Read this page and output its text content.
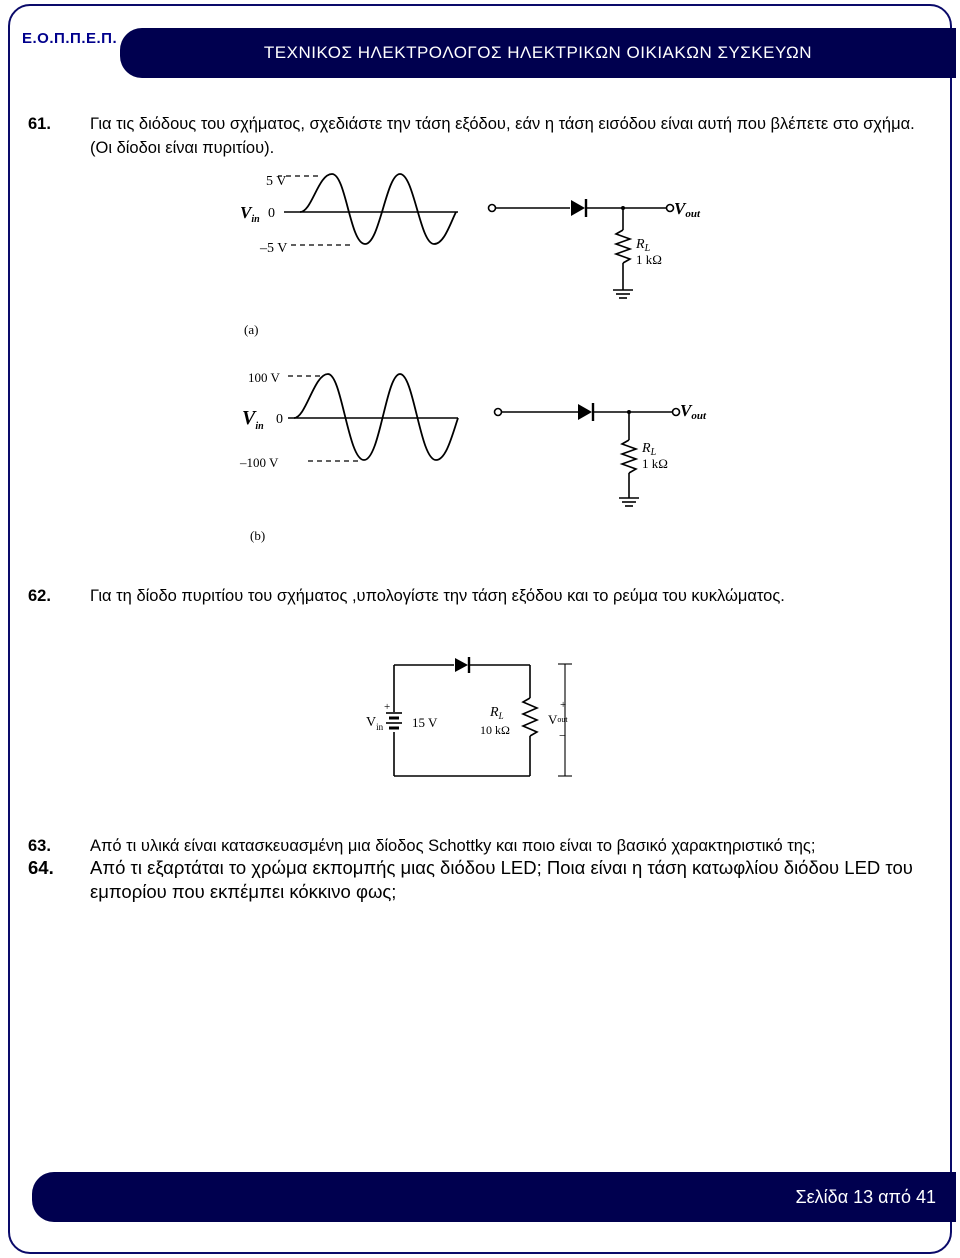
Ε.Ο.Π.Π.Ε.Π.
ΤΕΧΝΙΚΟΣ ΗΛΕΚΤΡΟΛΟΓΟΣ ΗΛΕΚΤΡΙΚΩΝ ΟΙΚΙΑΚΩΝ ΣΥΣΚΕΥΩΝ
61. Για τις διόδους του σχήματος, σχεδιάστε την τάση εξόδου, εάν η τάση εισόδου είναι αυτή που βλέπετε στο σχήμα. (Οι δίοδοι είναι πυριτίου).
5 V
0
–5 V
$V_{in}$
Vout
$R_L$
1 kΩ
(a)
100 V
0
–100 V
$V_{in}$
Vout
$R_L$
1 kΩ
(b)
62. Για τη δίοδο πυριτίου του σχήματος ,υπολογίστε την τάση εξόδου και το ρεύμα του κυκλώματος.
+
$V_{in}$ 15 V
$R_L$
10 kΩ
+
Vout
−
63. Από τι υλικά είναι κατασκευασμένη μια δίοδος Schottky και ποιο είναι το βασικό χαρακτηριστικό της;
64. Από τι εξαρτάται το χρώμα εκπομπής μιας διόδου LED; Ποια είναι η τάση κατωφλίου διόδου LED του εμπορίου που εκπέμπει κόκκινο φως;
Σελίδα 13 από 41
